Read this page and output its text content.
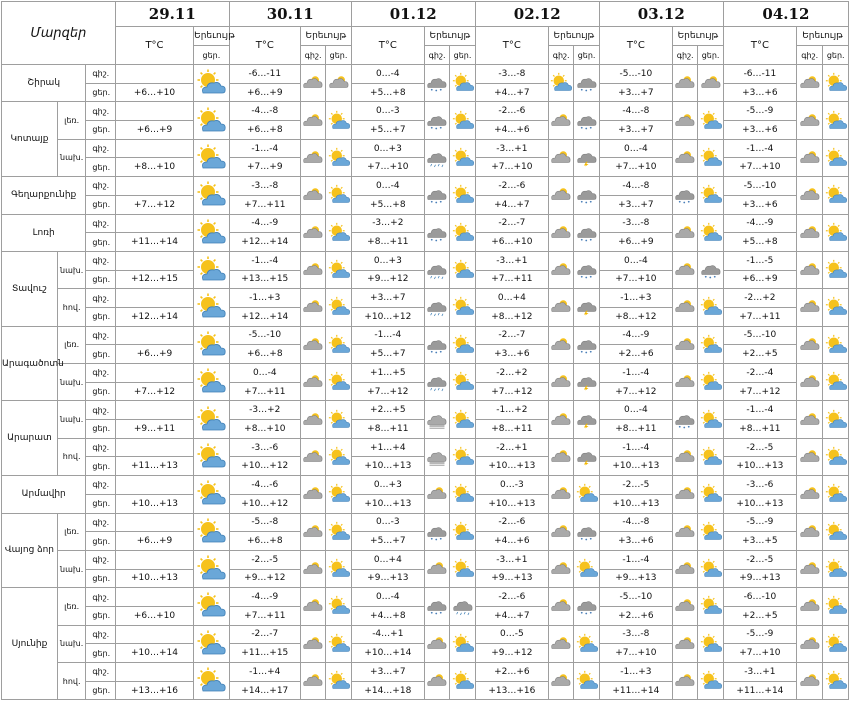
Մարզեր			29.11		30.11			01.12			02.12			03.12			04.12		
			T°C	Երեւույթ	T°C	Երեւույթ		T°C	Երեւույթ		T°C	Երեւույթ		T°C	Երեւույթ		T°C	Երեւույթ	
				ցեր.		գիշ.	ցեր.		գիշ.	ցեր.		գիշ.	ցեր.		գիշ.	ցեր.		գիշ.	ցեր.
Շիրակ		գիշ.			-6…-11			0…-4			-3…-8			-5…-10			-6…-11	

		ցեր.	+6…+10		+6…+9			+5…+8			+4…+7			+3…+7			+3…+6		
Կոտայք	լեռ.	գիշ.			-4…-8			0…-3			-2…-6			-4…-8			-5…-9	

		ցեր.	+6…+9		+6…+8			+5…+7			+4…+6			+3…+7			+3…+6		
	նախ.	գիշ.			-1…-4			0…+3			-3…+1			0…-4			-1…-4	

		ցեր.	+8…+10		+7…+9			+7…+10			+7…+10			+7…+10			+7…+10		
Գեղարքունիք		գիշ.			-3…-8			0…-4			-2…-6			-4…-8			-5…-10	

		ցեր.	+7…+12		+7…+11			+5…+8			+4…+7			+3…+7			+3…+6		
Լոռի		գիշ.			-4…-9			-3…+2			-2…-7			-3…-8			-4…-9	

		ցեր.	+11…+14		+12…+14			+8…+11			+6…+10			+6…+9			+5…+8		
Տավուշ	նախ.	գիշ.			-1…-4			0…+3			-3…+1			0…-4			-1…-5	

		ցեր.	+12…+15		+13…+15			+9…+12			+7…+11			+7…+10			+6…+9		
	հով.	գիշ.			-1…+3			+3…+7			0…+4			-1…+3			-2…+2	

		ցեր.	+12…+14		+12…+14			+10…+12			+8…+12			+8…+12			+7…+11		
Արագածոտն	լեռ.	գիշ.			-5…-10			-1…-4			-2…-7			-4…-9			-5…-10	

		ցեր.	+6…+9		+6…+8			+5…+7			+3…+6			+2…+6			+2…+5		
	նախ.	գիշ.			0…-4			+1…+5			-2…+2			-1…-4			-2…-4	

		ցեր.	+7…+12		+7…+11			+7…+12			+7…+12			+7…+12			+7…+12		
Արարատ	նախ.	գիշ.			-3…+2			+2…+5			-1…+2			0…-4			-1…-4	

		ցեր.	+9…+11		+8…+10			+8…+11			+8…+11			+8…+11			+8…+11		
	հով.	գիշ.			-3…-6			+1…+4			-2…+1			-1…-4			-2…-5	

		ցեր.	+11…+13		+10…+12			+10…+13			+10…+13			+10…+13			+10…+13		
Արմավիր		գիշ.			-4…-6			0…+3			0…-3			-2…-5			-3…-6	

		ցեր.	+10…+13		+10…+12			+10…+13			+10…+13			+10…+13			+10…+13		
Վայոց ձոր	լեռ.	գիշ.			-5…-8			0…-3			-2…-6			-4…-8			-5…-9	

		ցեր.	+6…+9		+6…+8			+5…+7			+4…+6			+3…+6			+3…+5		
	նախ.	գիշ.			-2…-5			0…+4			-3…+1			-1…-4			-2…-5	

		ցեր.	+10…+13		+9…+12			+9…+13			+9…+13			+9…+13			+9…+13		
Սյունիք	լեռ.	գիշ.			-4…-9			0…-4			-2…-6			-5…-10			-6…-10	

		ցեր.	+6…+10		+7…+11			+4…+8			+4…+7			+2…+6			+2…+5		
	նախ.	գիշ.			-2…-7			-4…+1			0…-5			-3…-8			-5…-9	

		ցեր.	+10…+14		+11…+15			+10…+14			+9…+12			+7…+10			+7…+10		
	հով.	գիշ.			-1…+4			+3…+7			+2…+6			-1…+3			-3…+1	

		ցեր.	+13…+16		+14…+17			+14…+18			+13…+16			+11…+14			+11…+14		
